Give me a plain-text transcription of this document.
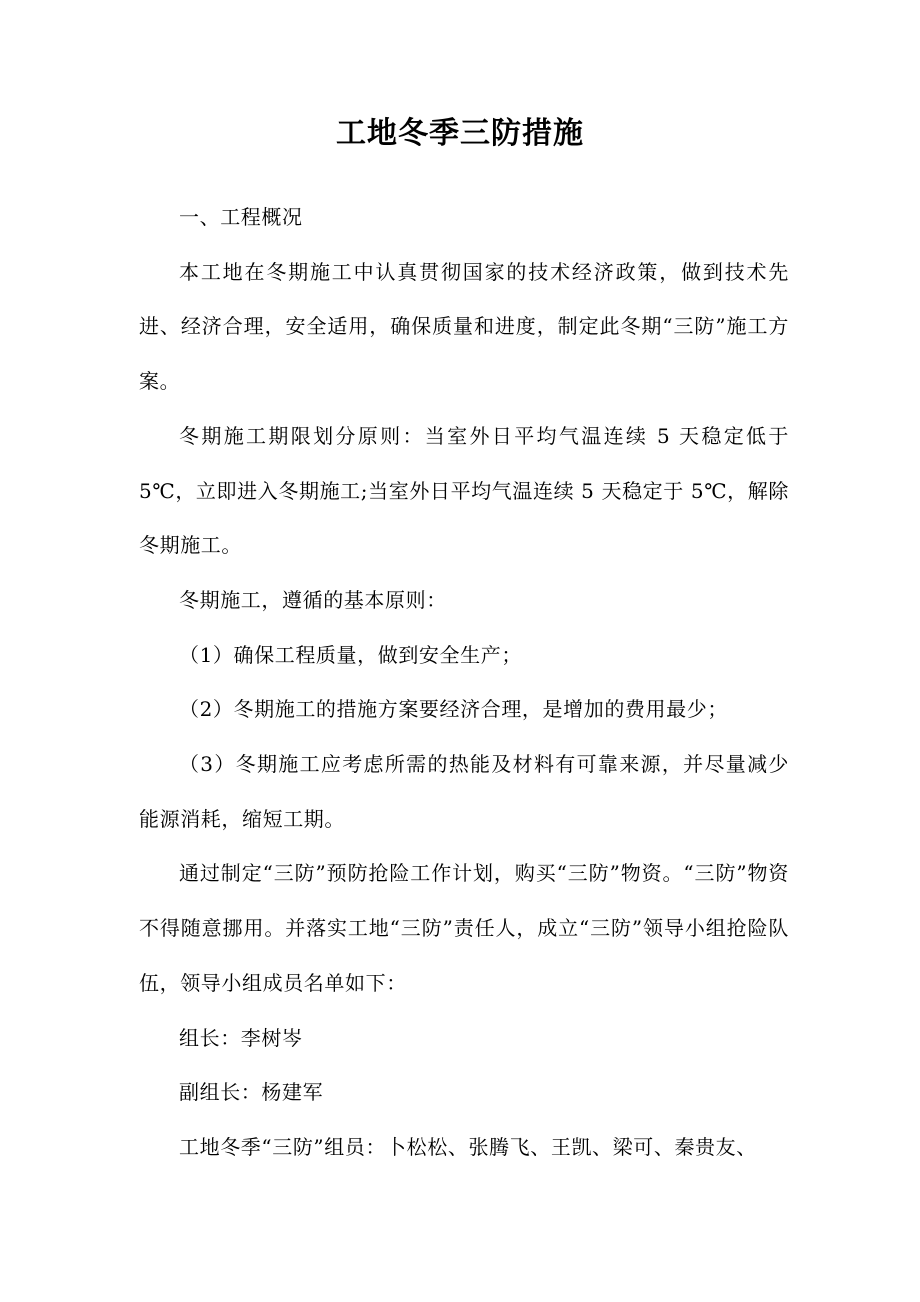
工地冬季三防措施

一、工程概况

本工地在冬期施工中认真贯彻国家的技术经济政策，做到技术先进、经济合理，安全适用，确保质量和进度，制定此冬期“三防”施工方案。

冬期施工期限划分原则：当室外日平均气温连续 5 天稳定低于 5℃，立即进入冬期施工;当室外日平均气温连续 5 天稳定于 5℃，解除冬期施工。

冬期施工，遵循的基本原则：

（1）确保工程质量，做到安全生产；

（2）冬期施工的措施方案要经济合理，是增加的费用最少；

（3）冬期施工应考虑所需的热能及材料有可靠来源，并尽量减少能源消耗，缩短工期。

通过制定“三防”预防抢险工作计划，购买“三防”物资。“三防”物资不得随意挪用。并落实工地“三防”责任人，成立“三防”领导小组抢险队伍，领导小组成员名单如下：

组长：李树岑

副组长：杨建军

工地冬季“三防”组员：卜松松、张腾飞、王凯、梁可、秦贵友、
